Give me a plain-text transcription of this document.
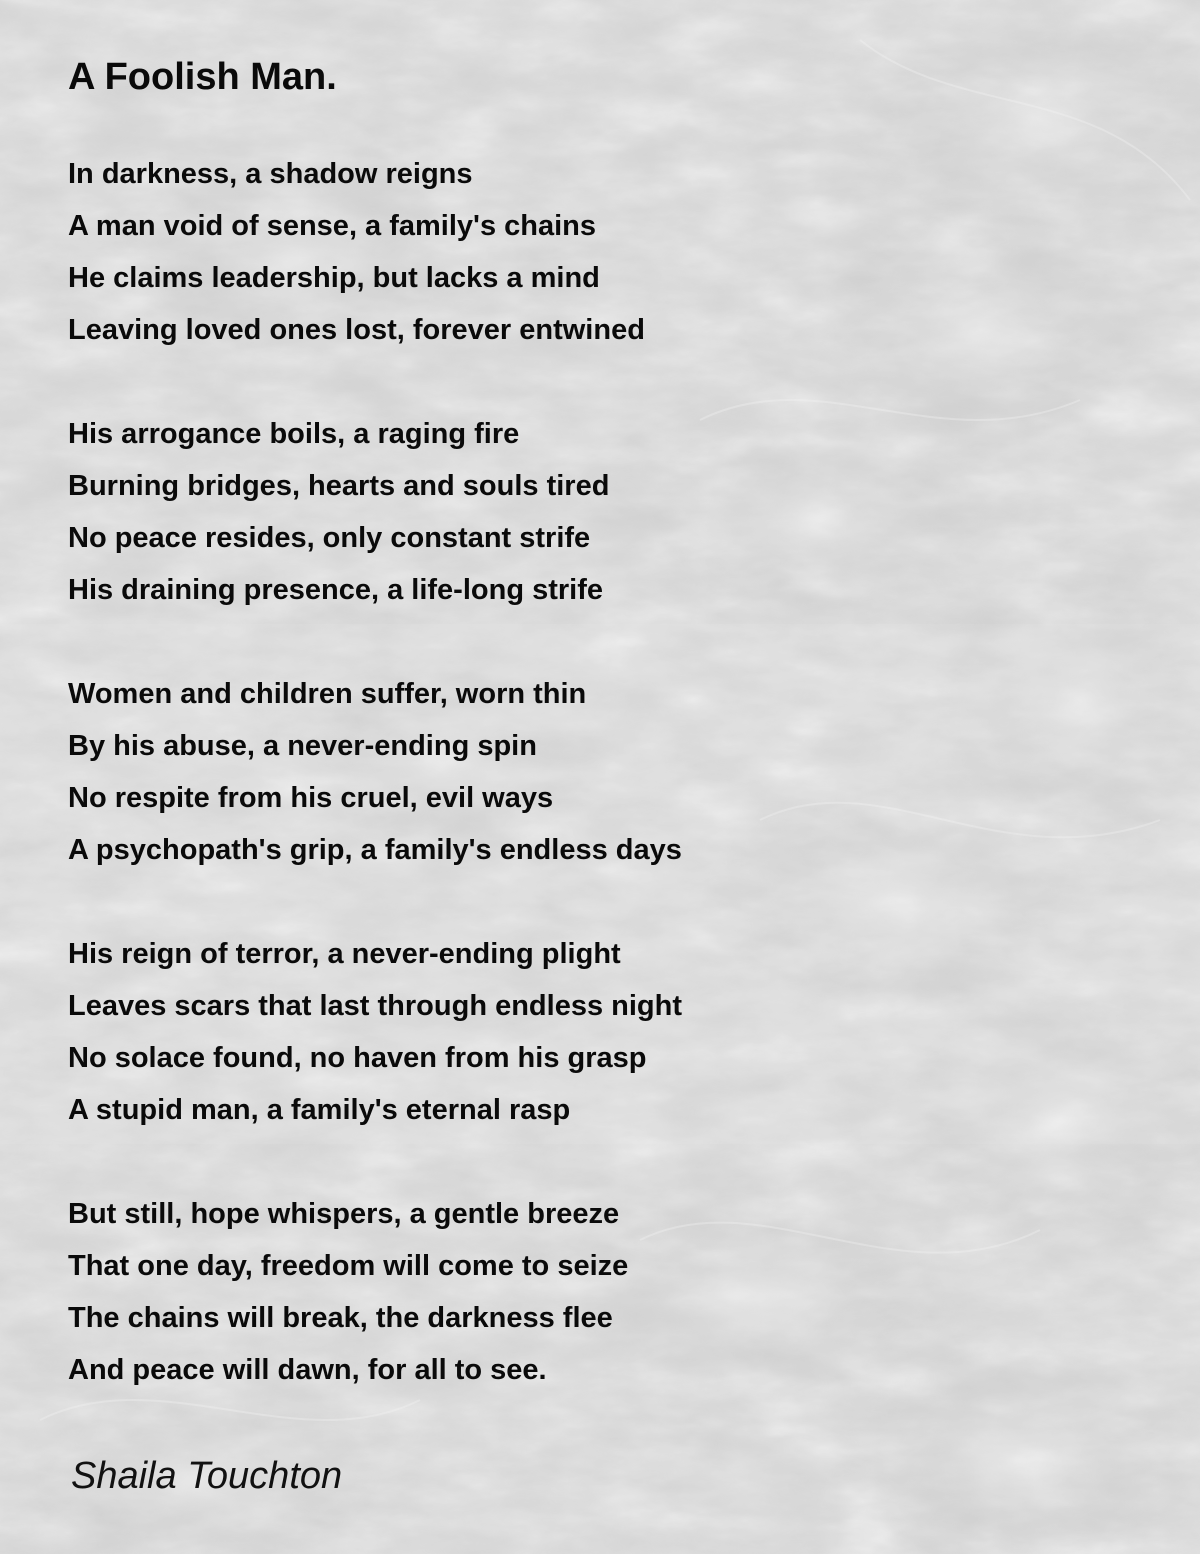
A Foolish Man.
In darkness, a shadow reigns
A man void of sense, a family's chains
He claims leadership, but lacks a mind
Leaving loved ones lost, forever entwined
His arrogance boils, a raging fire
Burning bridges, hearts and souls tired
No peace resides, only constant strife
His draining presence, a life-long strife
Women and children suffer, worn thin
By his abuse, a never-ending spin
No respite from his cruel, evil ways
A psychopath's grip, a family's endless days
His reign of terror, a never-ending plight
Leaves scars that last through endless night
No solace found, no haven from his grasp
A stupid man, a family's eternal rasp
But still, hope whispers, a gentle breeze
That one day, freedom will come to seize
The chains will break, the darkness flee
And peace will dawn, for all to see.

Shaila Touchton
